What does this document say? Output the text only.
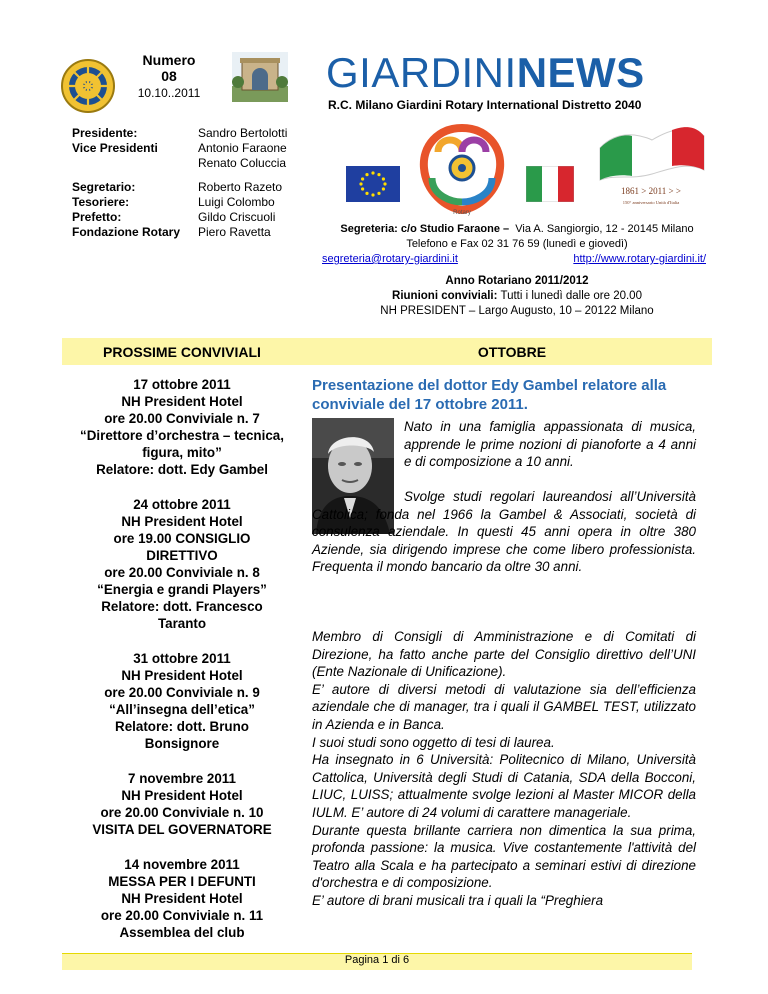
Numero
08
10.10..2011
Presidente:	Sandro Bertolotti
Vice Presidenti	Antonio Faraone
Renato Coluccia
Segretario:	Roberto Razeto
Tesoriere:	Luigi Colombo
Prefetto:	Gildo Criscuoli
Fondazione Rotary	Piero Ravetta
GIARDININEWS
R.C. Milano Giardini Rotary International Distretto 2040
Rotary
1861 > 2011 > >
150° anniversario Unità d'Italia
Segreteria: c/o Studio Faraone – Via A. Sangiorgio, 12 - 20145 Milano
Telefono e Fax 02 31 76 59 (lunedì e giovedì)
segreteria@rotary-giardini.it	http://www.rotary-giardini.it/
Anno Rotariano 2011/2012
Riunioni conviviali: Tutti i lunedì dalle ore 20.00
NH PRESIDENT – Largo Augusto, 10 – 20122 Milano
PROSSIME CONVIVIALI	OTTOBRE
17 ottobre 2011
NH President Hotel
ore 20.00 Conviviale n. 7
“Direttore d’orchestra – tecnica,
figura, mito”
Relatore: dott. Edy Gambel
24 ottobre 2011
NH President Hotel
ore 19.00 CONSIGLIO
DIRETTIVO
ore 20.00 Conviviale n. 8
“Energia e grandi Players”
Relatore: dott. Francesco
Taranto
31 ottobre 2011
NH President Hotel
ore 20.00 Conviviale n. 9
“All’insegna dell’etica”
Relatore: dott. Bruno
Bonsignore
7 novembre 2011
NH President Hotel
ore 20.00 Conviviale n. 10
VISITA DEL GOVERNATORE
14 novembre 2011
MESSA PER I DEFUNTI
NH President Hotel
ore 20.00 Conviviale n. 11
Assemblea del club
Presentazione del dottor Edy Gambel relatore alla conviviale del 17 ottobre 2011.
Nato in una famiglia appassionata di musica, apprende le prime nozioni di pianoforte a 4 anni e di composizione a 10 anni.
Svolge studi regolari laureandosi all’Università Cattolica; fonda nel 1966 la Gambel & Associati, società di consulenza aziendale. In questi 45 anni opera in oltre 380 Aziende, sia dirigendo imprese che come libero professionista. Frequenta il mondo bancario da oltre 30 anni.
Membro di Consigli di Amministrazione e di Comitati di Direzione, ha fatto anche parte del Consiglio direttivo dell’UNI (Ente Nazionale di Unificazione).
E’ autore di diversi metodi di valutazione sia dell’efficienza aziendale che di manager, tra i quali il GAMBEL TEST, utilizzato in Azienda e in Banca.
I suoi studi sono oggetto di tesi di laurea.
Ha insegnato in 6 Università: Politecnico di Milano, Università Cattolica, Università degli Studi di Catania, SDA della Bocconi, LIUC, LUISS; attualmente svolge lezioni al Master MICOR della IULM. E’ autore di 24 volumi di carattere manageriale.
Durante questa brillante carriera non dimentica la sua prima, profonda passione: la musica. Vive costantemente l'attività del Teatro alla Scala e ha partecipato a seminari estivi di direzione d'orchestra e di composizione.
E’ autore di brani musicali tra i quali la “Preghiera
Pagina 1 di 6
